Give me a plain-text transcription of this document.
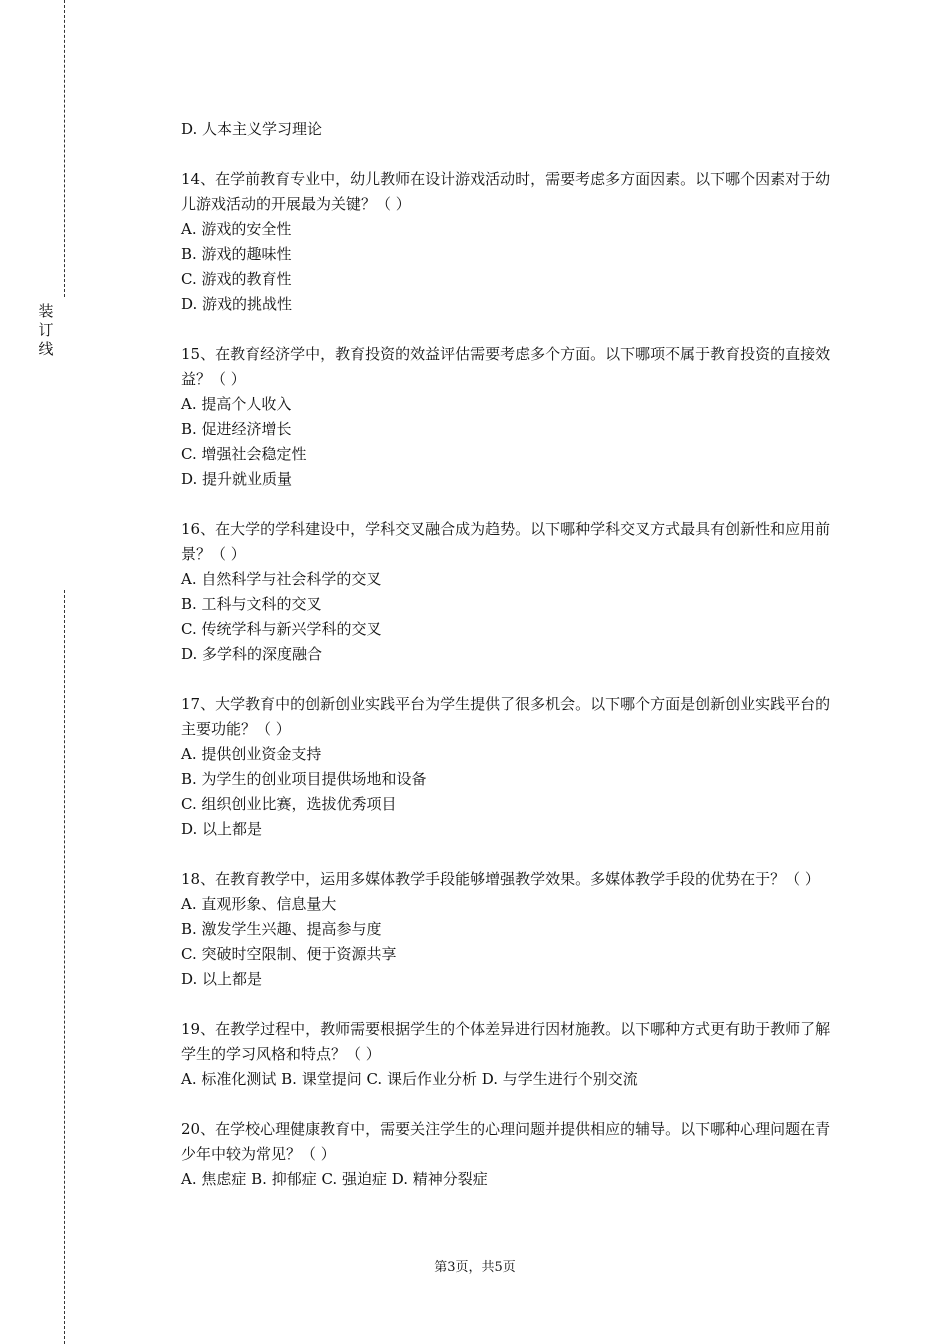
装
订
线

D. 人本主义学习理论

14、在学前教育专业中，幼儿教师在设计游戏活动时，需要考虑多方面因素。以下哪个因素对于幼儿游戏活动的开展最为关键？（ ）

A. 游戏的安全性

B. 游戏的趣味性

C. 游戏的教育性

D. 游戏的挑战性

15、在教育经济学中，教育投资的效益评估需要考虑多个方面。以下哪项不属于教育投资的直接效益？（ ）

A. 提高个人收入

B. 促进经济增长

C. 增强社会稳定性

D. 提升就业质量

16、在大学的学科建设中，学科交叉融合成为趋势。以下哪种学科交叉方式最具有创新性和应用前景？（ ）

A. 自然科学与社会科学的交叉

B. 工科与文科的交叉

C. 传统学科与新兴学科的交叉

D. 多学科的深度融合

17、大学教育中的创新创业实践平台为学生提供了很多机会。以下哪个方面是创新创业实践平台的主要功能？（ ）

A. 提供创业资金支持

B. 为学生的创业项目提供场地和设备

C. 组织创业比赛，选拔优秀项目

D. 以上都是

18、在教育教学中，运用多媒体教学手段能够增强教学效果。多媒体教学手段的优势在于？（ ）

A. 直观形象、信息量大

B. 激发学生兴趣、提高参与度

C. 突破时空限制、便于资源共享

D. 以上都是

19、在教学过程中，教师需要根据学生的个体差异进行因材施教。以下哪种方式更有助于教师了解学生的学习风格和特点？（ ）

A. 标准化测试 B. 课堂提问 C. 课后作业分析 D. 与学生进行个别交流

20、在学校心理健康教育中，需要关注学生的心理问题并提供相应的辅导。以下哪种心理问题在青少年中较为常见？（ ）

A. 焦虑症 B. 抑郁症 C. 强迫症 D. 精神分裂症

第3页，共5页
